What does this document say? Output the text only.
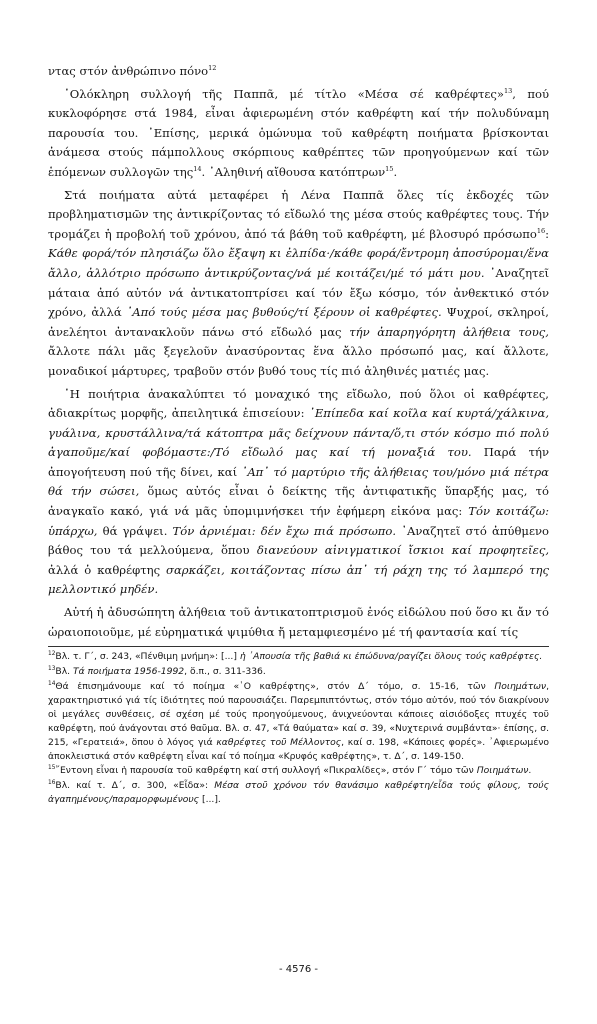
ντας στόν ἀνθρώπινο πόνο$^{12}$

῾Ολόκληρη συλλογή τῆς Παππᾶ, μέ τίτλο «Μέσα σέ καθρέφτες»$^{13}$, πού κυκλοφόρησε στά 1984, εἶναι ἀφιερωμένη στόν καθρέφτη καί τήν πολυδύναμη παρουσία του. ᾿Επίσης, μερικά ὁμώνυμα τοῦ καθρέφτη ποιήματα βρίσκονται ἀνάμεσα στούς πάμπολλους σκόρπιους καθρέπτες τῶν προηγούμενων καί τῶν ἑπόμενων συλλογῶν της$^{14}$. ᾿Αληθινή αἴθουσα κατόπτρων$^{15}$.

Στά ποιήματα αὐτά μεταφέρει ἡ Λένα Παππᾶ ὅλες τίς ἐκδοχές τῶν προβληματισμῶν της ἀντικρίζοντας τό εἴδωλό της μέσα στούς καθρέφτες τους. Τήν τρομάζει ἡ προβολή τοῦ χρόνου, ἀπό τά βάθη τοῦ καθρέφτη, μέ βλοσυρό πρόσωπο$^{16}$: Κάθε φορά/τόν πλησιάζω ὅλο ἔξαψη κι ἐλπίδα·/κάθε φορά/ἔντρομη ἀποσύρομαι/ἕνα ἄλλο, ἀλλότριο πρόσωπο ἀντικρύζοντας/νά μέ κοιτάζει/μέ τό μάτι μου. ᾿Αναζητεῖ μάταια ἀπό αὐτόν νά ἀντικατοπτρίσει καί τόν ἔξω κόσμο, τόν ἀνθεκτικό στόν χρόνο, ἀλλά ᾿Από τούς μέσα μας βυθούς/τί ξέρουν οἱ καθρέφτες. Ψυχροί, σκληροί, ἀνελέητοι ἀντανακλοῦν πάνω στό εἴδωλό μας τήν ἀπαρηγόρητη ἀλήθεια τους, ἄλλοτε πάλι μᾶς ξεγελοῦν ἀνασύροντας ἕνα ἄλλο πρόσωπό μας, καί ἄλλοτε, μοναδικοί μάρτυρες, τραβοῦν στόν βυθό τους τίς πιό ἀληθινές ματιές μας.

῾Η ποιήτρια ἀνακαλύπτει τό μοναχικό της εἴδωλο, πού ὅλοι οἱ καθρέφτες, ἀδιακρίτως μορφῆς, ἀπειλητικά ἐπισείουν: ᾿Επίπεδα καί κοῖλα καί κυρτά/χάλκινα, γυάλινα, κρυστάλλινα/τά κάτοπτρα μᾶς δείχνουν πάντα/ὅ,τι στόν κόσμο πιό πολύ ἀγαποῦμε/καί φοβόμαστε:/Τό εἴδωλό μας καί τή μοναξιά του. Παρά τήν ἀπογοήτευση πού τῆς δίνει, καί ᾿Απ᾿ τό μαρτύριο τῆς ἀλήθειας του/μόνο μιά πέτρα θά τήν σώσει, ὅμως αὐτός εἶναι ὁ δείκτης τῆς ἀντιφατικῆς ὕπαρξής μας, τό ἀναγκαῖο κακό, γιά νά μᾶς ὑπομιμνήσκει τήν ἐφήμερη εἰκόνα μας: Τόν κοιτάζω: ὑπάρχω, θά γράψει. Τόν ἀρνιέμαι: δέν ἔχω πιά πρόσωπο. ᾿Αναζητεῖ στό ἀπύθμενο βάθος του τά μελλούμενα, ὅπου διανεύουν αἰνιγματικοί ἴσκιοι καί προφητεῖες, ἀλλά ὁ καθρέφτης σαρκάζει, κοιτάζοντας πίσω ἀπ᾿ τή ράχη της τό λαμπερό της μελλοντικό μηδέν.

Αὐτή ἡ ἀδυσώπητη ἀλήθεια τοῦ ἀντικατοπτρισμοῦ ἑνός εἰδώλου πού ὅσο κι ἄν τό ὡραιοποιοῦμε, μέ εὐρηματικά ψιμύθια ἤ μεταμφιεσμένο μέ τή φαντασία καί τίς

$^{12}$Βλ. τ. Γ΄, σ. 243, «Πένθιμη μνήμη»: [...] ἡ ᾿Απουσία τῆς βαθιά κι ἐπώδυνα/ραγίζει ὅλους τούς καθρέφτες.

$^{13}$Βλ. Τά ποιήματα 1956-1992, ὅ.π., σ. 311-336.

$^{14}$Θά ἐπισημάνουμε καί τό ποίημα «῾Ο καθρέφτης», στόν Δ΄ τόμο, σ. 15-16, τῶν Ποιημάτων, χαρακτηριστικό γιά τίς ἰδιότητες πού παρουσιάζει. Παρεμπιπτόντως, στόν τόμο αὐτόν, πού τόν διακρίνουν οἱ μεγάλες συνθέσεις, σέ σχέση μέ τούς προηγούμενους, ἀνιχνεύονται κάποιες αἰσιόδοξες πτυχές τοῦ καθρέφτη, πού ἀνάγονται στό θαῦμα. Βλ. σ. 47, «Τά θαύματα» καί σ. 39, «Νυχτερινά συμβάντα»· ἐπίσης, σ. 215, «Γερατειά», ὅπου ὁ λόγος γιά καθρέφτες τοῦ Μέλλοντος, καί σ. 198, «Κάποιες φορές». ᾿Αφιερωμένο ἀποκλειστικά στόν καθρέφτη εἶναι καί τό ποίημα «Κρυφός καθρέφτης», τ. Δ΄, σ. 149-150.

$^{15}$῎Εντονη εἶναι ἡ παρουσία τοῦ καθρέφτη καί στή συλλογή «Πικραλίδες», στόν Γ΄ τόμο τῶν Ποιημάτων.

$^{16}$Βλ. καί τ. Δ΄, σ. 300, «Εἶδα»: Μέσα στοῦ χρόνου τόν θανάσιμο καθρέφτη/εἶδα τούς φίλους, τούς ἀγαπημένους/παραμορφωμένους [...].

- 4576 -
